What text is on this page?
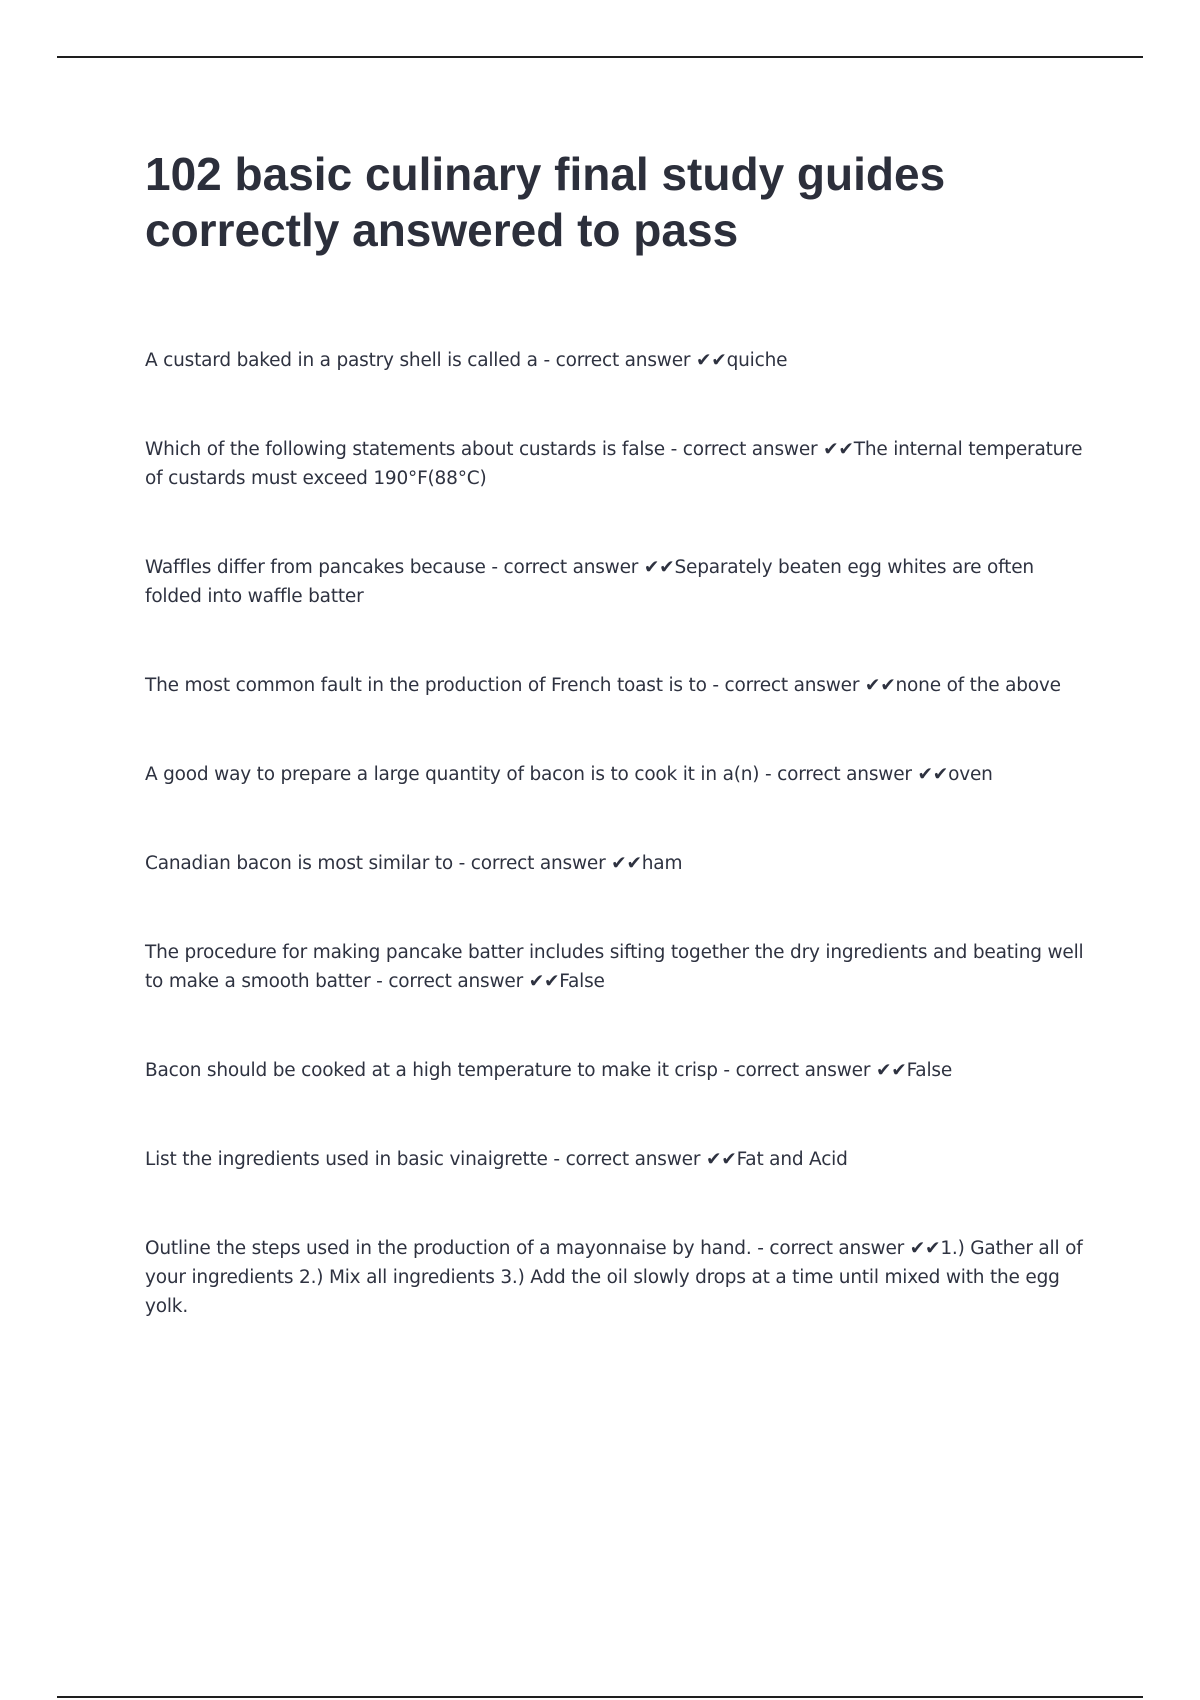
102 basic culinary final study guides correctly answered to pass
A custard baked in a pastry shell is called a - correct answer ✔✔quiche
Which of the following statements about custards is false - correct answer ✔✔The internal temperature of custards must exceed 190°F(88°C)
Waffles differ from pancakes because - correct answer ✔✔Separately beaten egg whites are often folded into waffle batter
The most common fault in the production of French toast is to - correct answer ✔✔none of the above
A good way to prepare a large quantity of bacon is to cook it in a(n) - correct answer ✔✔oven
Canadian bacon is most similar to - correct answer ✔✔ham
The procedure for making pancake batter includes sifting together the dry ingredients and beating well to make a smooth batter - correct answer ✔✔False
Bacon should be cooked at a high temperature to make it crisp - correct answer ✔✔False
List the ingredients used in basic vinaigrette - correct answer ✔✔Fat and Acid
Outline the steps used in the production of a mayonnaise by hand. - correct answer ✔✔1.) Gather all of your ingredients 2.) Mix all ingredients 3.) Add the oil slowly drops at a time until mixed with the egg yolk.
